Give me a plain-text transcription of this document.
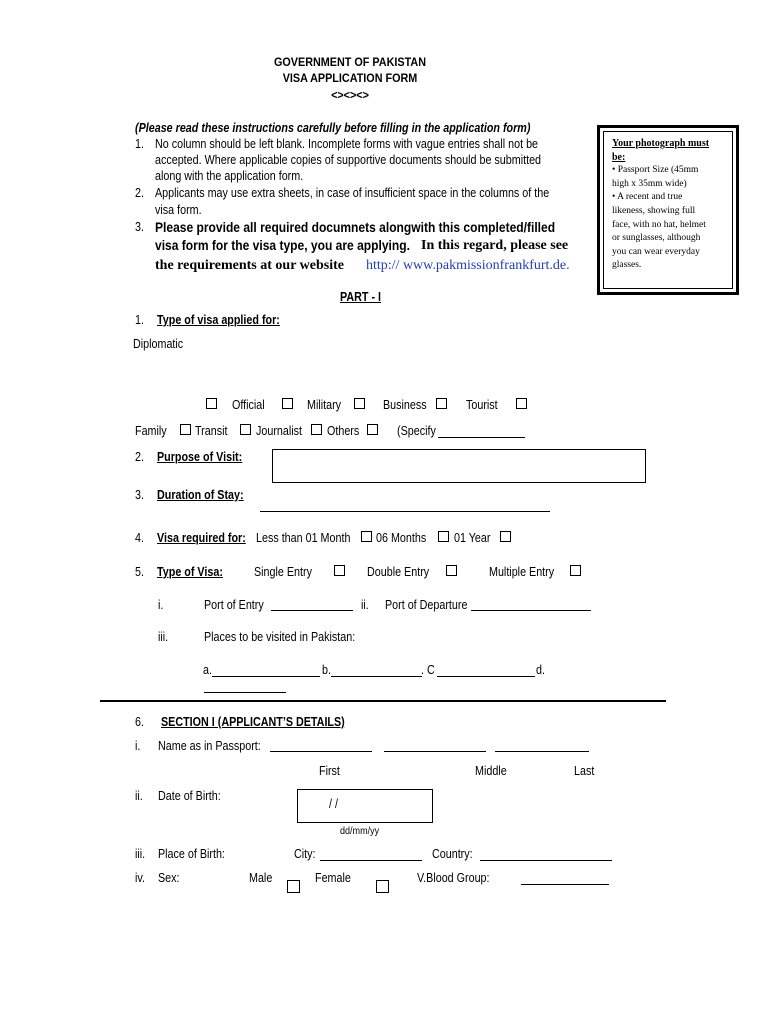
GOVERNMENT OF PAKISTAN
VISA APPLICATION FORM
<><><>
(Please read these instructions carefully before filling in the application form)
1. No column should be left blank. Incomplete forms with vague entries shall not be
accepted. Where applicable copies of supportive documents should be submitted
along with the application form.
2. Applicants may use extra sheets, in case of insufficient space in the columns of the
visa form.
3. Please provide all required documnets alongwith this completed/filled
visa form for the visa type, you are applying. In this regard, please see
the requirements at our website http:// www.pakmissionfrankfurt.de.
Your photograph must
be:
• Passport Size (45mm
high x 35mm wide)
• A recent and true
likeness, showing full
face, with no hat, helmet
or sunglasses, although
you can wear everyday
glasses.
PART - I
1. Type of visa applied for:
Diplomatic
Official	Military	Business	Tourist
Family Transit Journalist Others	(Specify
2. Purpose of Visit:
3. Duration of Stay:
4. Visa required for: Less than 01 Month 06 Months 01 Year
5. Type of Visa: Single Entry	Double Entry	Multiple Entry
i.	Port of Entry	ii. Port of Departure
iii.	Places to be visited in Pakistan:
a.	b.	. C	d.
6. SECTION I (APPLICANT’S DETAILS)
i. Name as in Passport:
First	Middle	Last
ii. Date of Birth:
/ /
dd/mm/yy
iii. Place of Birth:	City:	Country:
iv. Sex:	Male	Female	V.Blood Group:
